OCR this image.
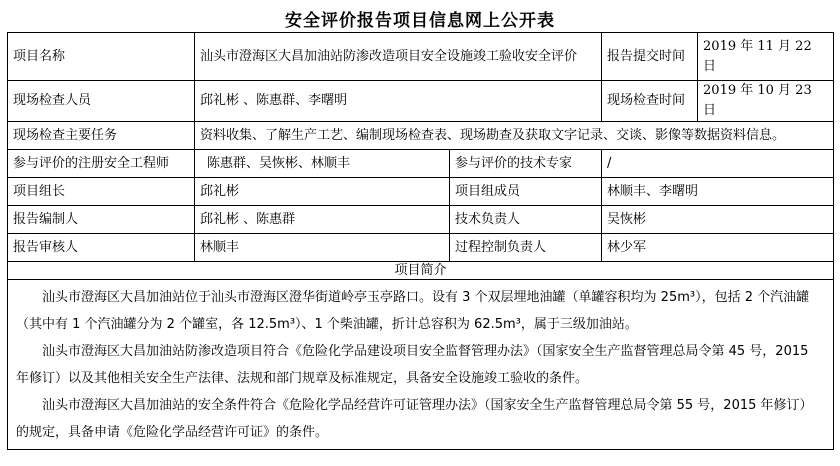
安全评价报告项目信息网上公开表
项目名称	汕头市澄海区大昌加油站防渗改造项目安全设施竣工验收安全评价		报告提交时间	2019 年 11 月 22 日
现场检查人员	邱礼彬 、陈惠群、李曙明		现场检查时间	2019 年 10 月 23 日
现场检查主要任务	资料收集、了解生产工艺、编制现场检查表、现场勘查及获取文字记录、交谈、影像等数据资料信息。			
参与评价的注册安全工程师	陈惠群、吴恢彬、林顺丰	参与评价的技术专家	/	
项目组长	邱礼彬	项目组成员	林顺丰、李曙明	
报告编制人	邱礼彬 、陈惠群	技术负责人	吴恢彬	
报告审核人	林顺丰	过程控制负责人	林少军	
项目简介				

汕头市澄海区大昌加油站位于汕头市澄海区澄华街道岭亭玉亭路口。设有 3 个双层埋地油罐（单罐容积均为 25m³），包括 2 个汽油罐（其中有 1 个汽油罐分为 2 个罐室，各 12.5m³）、1 个柴油罐，折计总容积为 62.5m³，属于三级加油站。

汕头市澄海区大昌加油站防渗改造项目符合《危险化学品建设项目安全监督管理办法》（国家安全生产监督管理总局令第 45 号，2015 年修订）以及其他相关安全生产法律、法规和部门规章及标准规定，具备安全设施竣工验收的条件。

汕头市澄海区大昌加油站的安全条件符合《危险化学品经营许可证管理办法》（国家安全生产监督管理总局令第 55 号，2015 年修订）的规定，具备申请《危险化学品经营许可证》的条件。				
